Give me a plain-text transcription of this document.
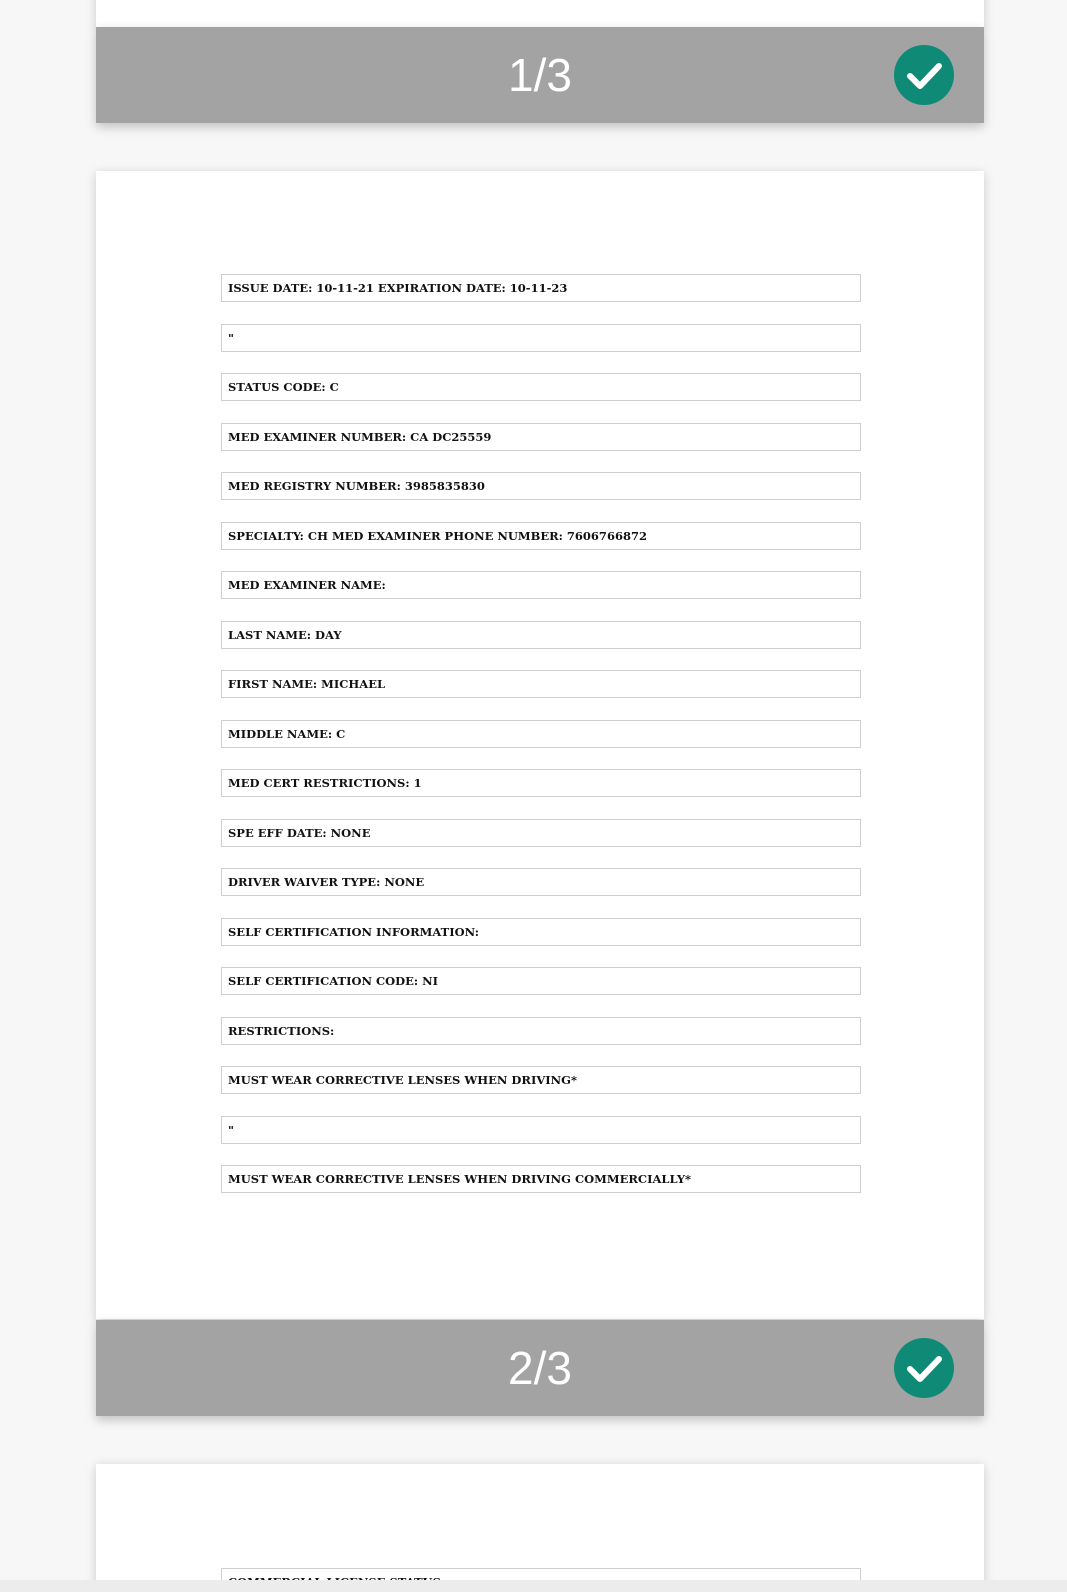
1/3
ISSUE DATE: 10-11-21 EXPIRATION DATE: 10-11-23
"
STATUS CODE: C
MED EXAMINER NUMBER: CA DC25559
MED REGISTRY NUMBER: 3985835830
SPECIALTY: CH MED EXAMINER PHONE NUMBER: 7606766872
MED EXAMINER NAME:
LAST NAME: DAY
FIRST NAME: MICHAEL
MIDDLE NAME: C
MED CERT RESTRICTIONS: 1
SPE EFF DATE: NONE
DRIVER WAIVER TYPE: NONE
SELF CERTIFICATION INFORMATION:
SELF CERTIFICATION CODE: NI
RESTRICTIONS:
MUST WEAR CORRECTIVE LENSES WHEN DRIVING*
"
MUST WEAR CORRECTIVE LENSES WHEN DRIVING COMMERCIALLY*
2/3
